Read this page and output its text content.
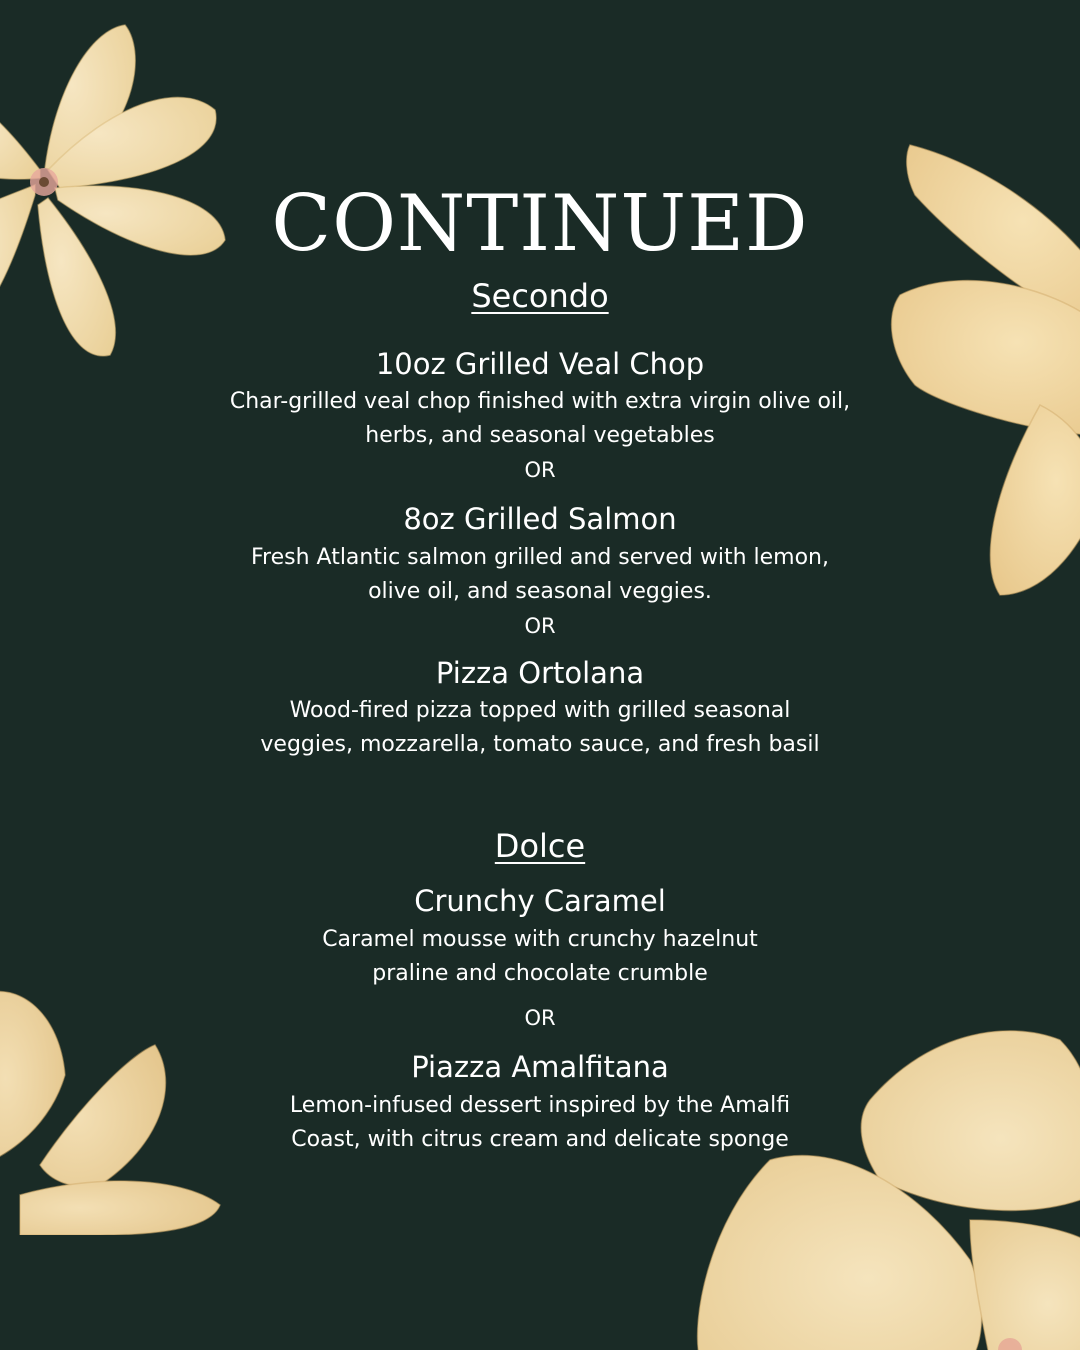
CONTINUED
Secondo
10oz Grilled Veal Chop

Char-grilled veal chop finished with extra virgin olive oil,
herbs, and seasonal vegetables

OR

8oz Grilled Salmon

Fresh Atlantic salmon grilled and served with lemon,
olive oil, and seasonal veggies.

OR

Pizza Ortolana

Wood-fired pizza topped with grilled seasonal
veggies, mozzarella, tomato sauce, and fresh basil

Dolce
Crunchy Caramel

Caramel mousse with crunchy hazelnut
praline and chocolate crumble

OR

Piazza Amalfitana

Lemon-infused dessert inspired by the Amalfi
Coast, with citrus cream and delicate sponge
